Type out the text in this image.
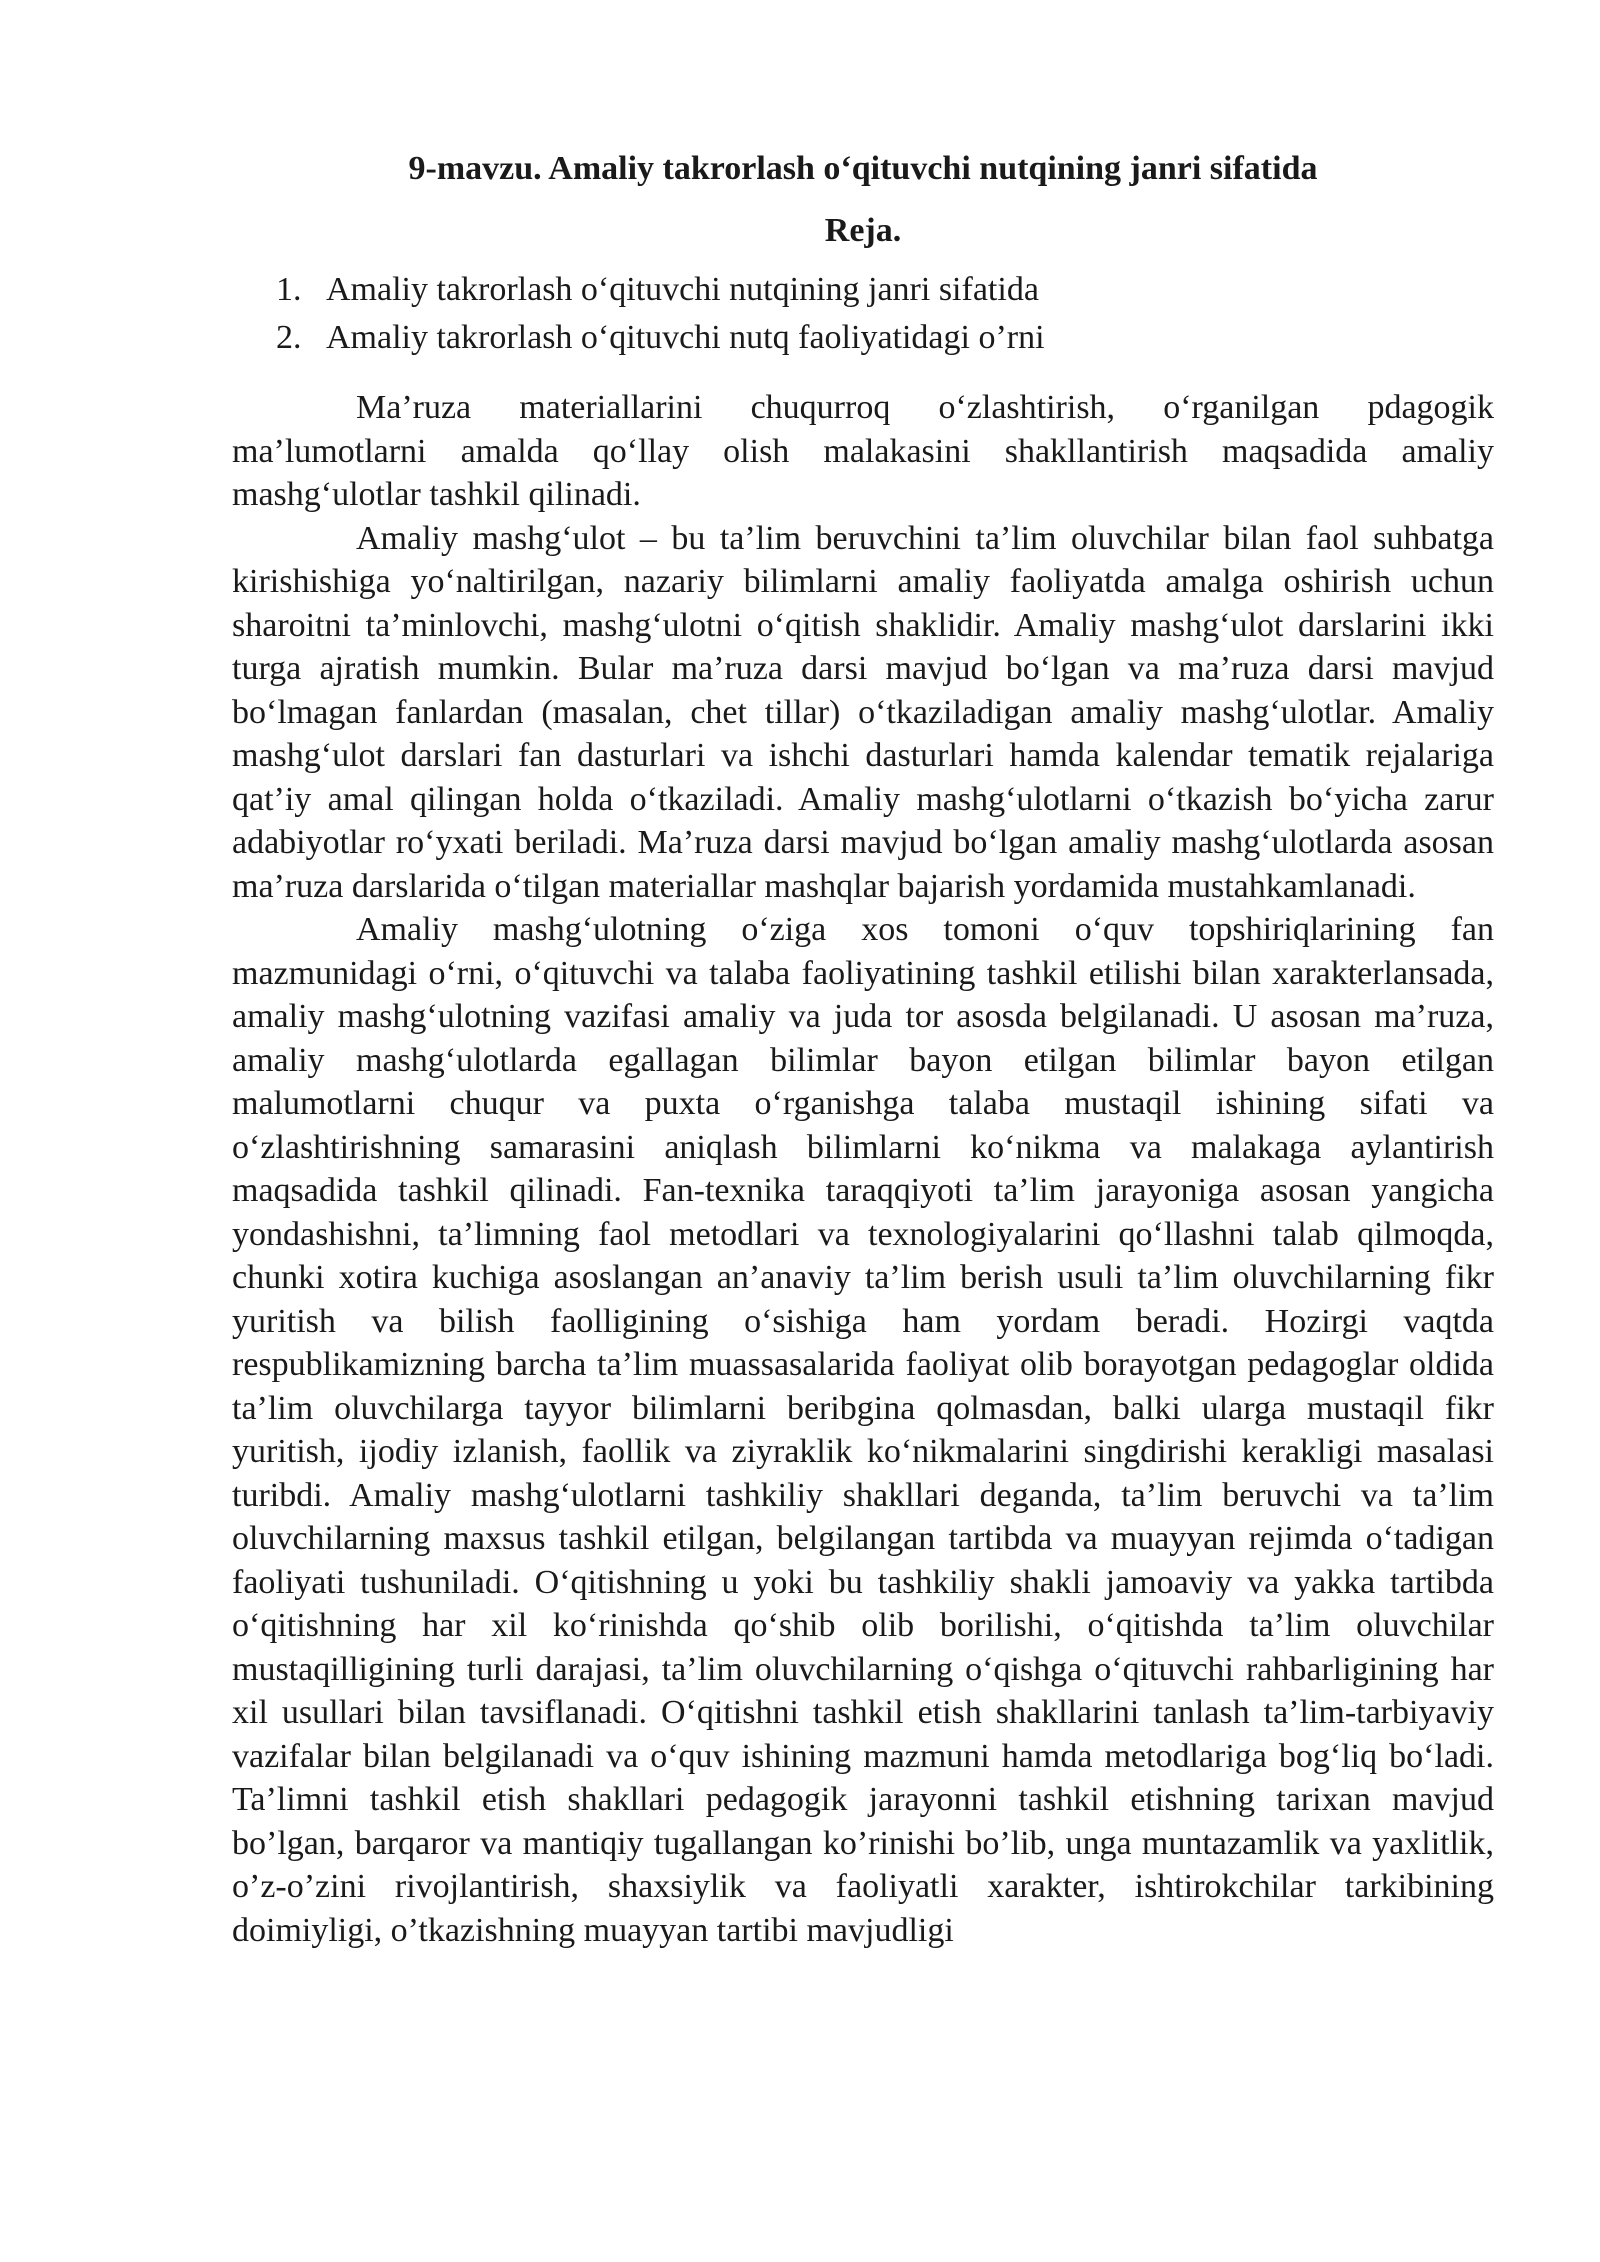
9-mavzu. Amaliy takrorlash o‘qituvchi nutqining janri sifatida
Reja.
1. Amaliy takrorlash o‘qituvchi nutqining janri sifatida
2. Amaliy takrorlash o‘qituvchi nutq faoliyatidagi o’rni

Ma’ruza materiallarini chuqurroq o‘zlashtirish, o‘rganilgan pdagogik ma’lumotlarni amalda qo‘llay olish malakasini shakllantirish maqsadida amaliy mashg‘ulotlar tashkil qilinadi.

Amaliy mashg‘ulot – bu ta’lim beruvchini ta’lim oluvchilar bilan faol suhbatga kirishishiga yo‘naltirilgan, nazariy bilimlarni amaliy faoliyatda amalga oshirish uchun sharoitni ta’minlovchi, mashg‘ulotni o‘qitish shaklidir. Amaliy mashg‘ulot darslarini ikki turga ajratish mumkin. Bular ma’ruza darsi mavjud bo‘lgan va ma’ruza darsi mavjud bo‘lmagan fanlardan (masalan, chet tillar) o‘tkaziladigan amaliy mashg‘ulotlar. Amaliy mashg‘ulot darslari fan dasturlari va ishchi dasturlari hamda kalendar tematik rejalariga qat’iy amal qilingan holda o‘tkaziladi. Amaliy mashg‘ulotlarni o‘tkazish bo‘yicha zarur adabiyotlar ro‘yxati beriladi. Ma’ruza darsi mavjud bo‘lgan amaliy mashg‘ulotlarda asosan ma’ruza darslarida o‘tilgan materiallar mashqlar bajarish yordamida mustahkamlanadi.

Amaliy mashg‘ulotning o‘ziga xos tomoni o‘quv topshiriqlarining fan mazmunidagi o‘rni, o‘qituvchi va talaba faoliyatining tashkil etilishi bilan xarakterlansada, amaliy mashg‘ulotning vazifasi amaliy va juda tor asosda belgilanadi. U asosan ma’ruza, amaliy mashg‘ulotlarda egallagan bilimlar bayon etilgan bilimlar bayon etilgan malumotlarni chuqur va puxta o‘rganishga talaba mustaqil ishining sifati va o‘zlashtirishning samarasini aniqlash bilimlarni ko‘nikma va malakaga aylantirish maqsadida tashkil qilinadi. Fan-texnika taraqqiyoti ta’lim jarayoniga asosan yangicha yondashishni, ta’limning faol metodlari va texnologiyalarini qo‘llashni talab qilmoqda, chunki xotira kuchiga asoslangan an’anaviy ta’lim berish usuli ta’lim oluvchilarning fikr yuritish va bilish faolligining o‘sishiga ham yordam beradi. Hozirgi vaqtda respublikamizning barcha ta’lim muassasalarida faoliyat olib borayotgan pedagoglar oldida ta’lim oluvchilarga tayyor bilimlarni beribgina qolmasdan, balki ularga mustaqil fikr yuritish, ijodiy izlanish, faollik va ziyraklik ko‘nikmalarini singdirishi kerakligi masalasi turibdi. Amaliy mashg‘ulotlarni tashkiliy shakllari deganda, ta’lim beruvchi va ta’lim oluvchilarning maxsus tashkil etilgan, belgilangan tartibda va muayyan rejimda o‘tadigan faoliyati tushuniladi. O‘qitishning u yoki bu tashkiliy shakli jamoaviy va yakka tartibda o‘qitishning har xil ko‘rinishda qo‘shib olib borilishi, o‘qitishda ta’lim oluvchilar mustaqilligining turli darajasi, ta’lim oluvchilarning o‘qishga o‘qituvchi rahbarligining har xil usullari bilan tavsiflanadi. O‘qitishni tashkil etish shakllarini tanlash ta’lim-tarbiyaviy vazifalar bilan belgilanadi va o‘quv ishining mazmuni hamda metodlariga bog‘liq bo‘ladi. Ta’limni tashkil etish shakllari pedagogik jarayonni tashkil etishning tarixan mavjud bo’lgan, barqaror va mantiqiy tugallangan ko’rinishi bo’lib, unga muntazamlik va yaxlitlik, o’z-o’zini rivojlantirish, shaxsiylik va faoliyatli xarakter, ishtirokchilar tarkibining doimiyligi, o’tkazishning muayyan tartibi mavjudligi
